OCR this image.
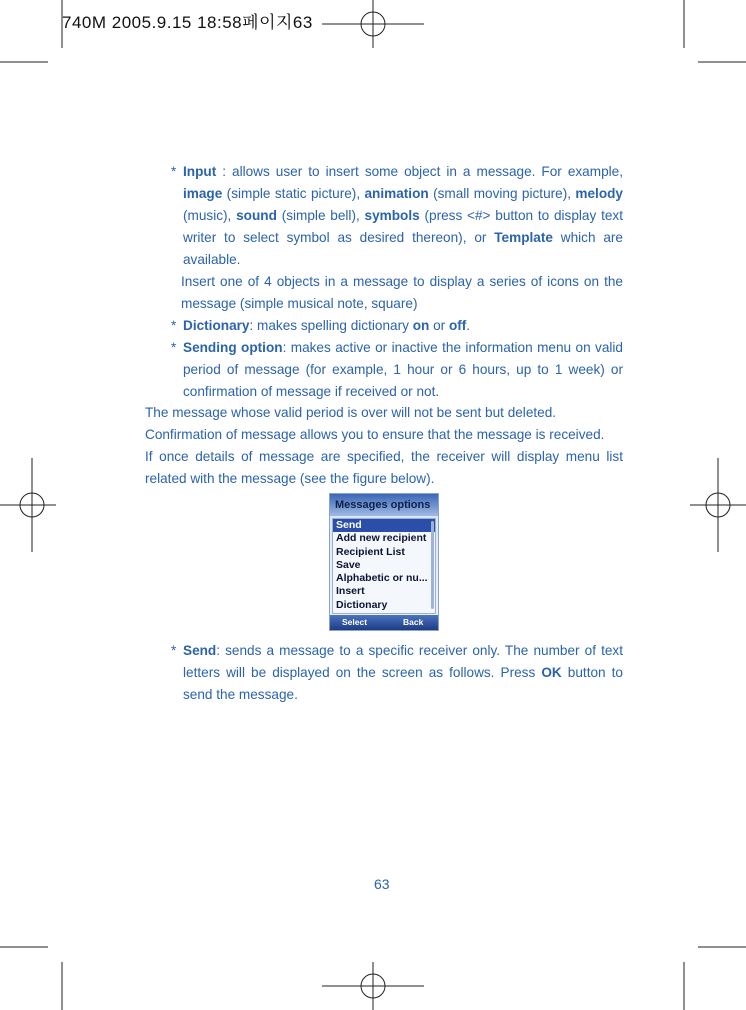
740M 2005.9.15 18:58페이지63
* Input : allows user to insert some object in a message. For example, image (simple static picture), animation (small moving picture), melody (music), sound (simple bell), symbols (press <#> button to display text writer to select symbol as desired thereon), or Template which are available.
Insert one of 4 objects in a message to display a series of icons on the message (simple musical note, square)
* Dictionary: makes spelling dictionary on or off.
* Sending option: makes active or inactive the information menu on valid period of message (for example, 1 hour or 6 hours, up to 1 week) or confirmation of message if received or not.
The message whose valid period is over will not be sent but deleted.
Confirmation of message allows you to ensure that the message is received.
If once details of message are specified, the receiver will display menu list related with the message (see the figure below).
Messages options
Send
Add new recipient
Recipient List
Save
Alphabetic or nu...
Insert
Dictionary
Select	Back
* Send: sends a message to a specific receiver only. The number of text letters will be displayed on the screen as follows. Press OK button to send the message.
63
